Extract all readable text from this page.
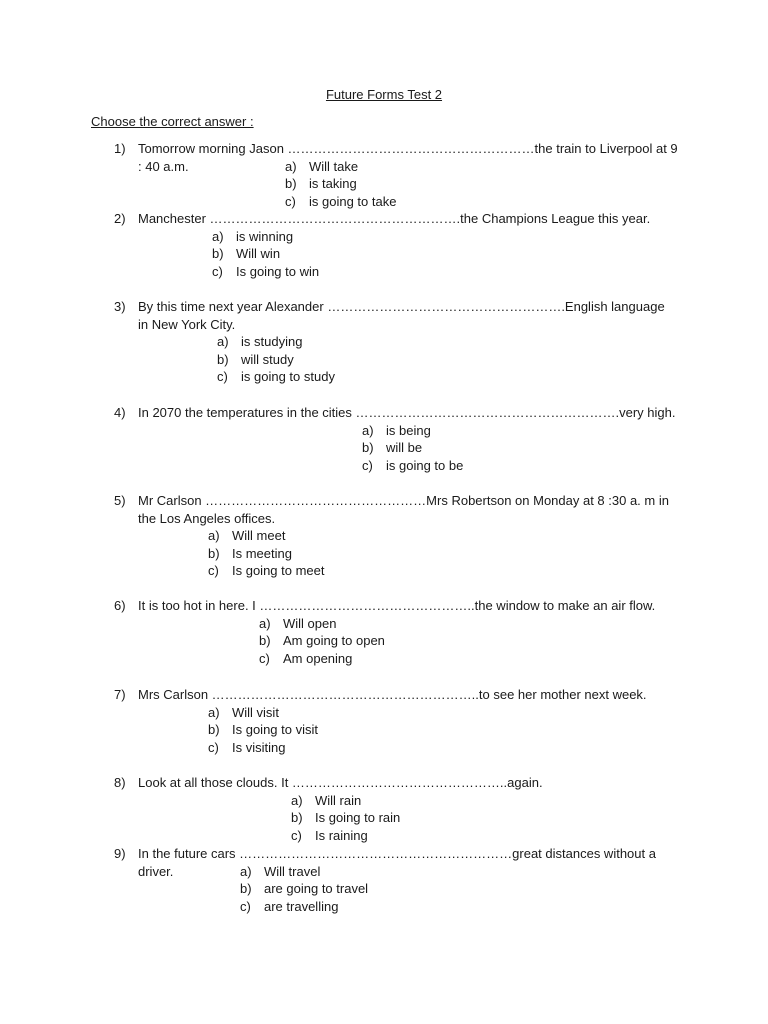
Future Forms Test 2
Choose the correct answer :
1) Tomorrow morning Jason …………………………………………………the train to Liverpool at 9 : 40 a.m.	a) Will take
b) is taking
c) is going to take
2) Manchester ………………………………………………….the Champions League this year.
a) is winning
b) Will win
c) Is going to win
3) By this time next year Alexander ……………………………………………….English language in New York City.
a) is studying
b) will study
c) is going to study
4) In 2070 the temperatures in the cities …………………………………………………….very high.
a) is being
b) will be
c) is going to be
5) Mr Carlson ……………………………………………Mrs Robertson on Monday at 8 :30 a. m in the Los Angeles offices.
a) Will meet
b) Is meeting
c) Is going to meet
6) It is too hot in here. I …………………………………………..the window to make an air flow.
a) Will open
b) Am going to open
c) Am opening
7) Mrs Carlson ……………………………………………………..to see her mother next week.
a) Will visit
b) Is going to visit
c) Is visiting
8) Look at all those clouds. It …………………………………………..again.
a) Will rain
b) Is going to rain
c) Is raining
9) In the future cars ………………………………………………………great distances without a driver.	a) Will travel
b) are going to travel
c) are travelling
